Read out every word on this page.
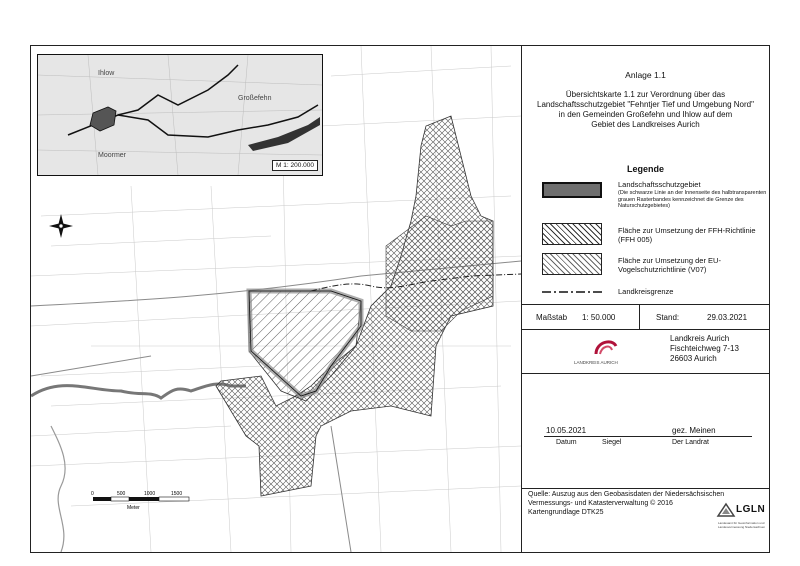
0	500	1000	1500
Meter
Ihlow
Großefehn
Moormer
M 1: 200.000
Anlage 1.1
Übersichtskarte 1.1 zur Verordnung über das
Landschaftsschutzgebiet "Fehntjer Tief und Umgebung Nord"
in den Gemeinden Großefehn und Ihlow auf dem
Gebiet des Landkreises Aurich
Legende
Landschaftsschutzgebiet
(Die schwarze Linie an der Innenseite des halbtransparenten grauen Rasterbandes kennzeichnet die Grenze des Naturschutzgebietes)
Fläche zur Umsetzung der FFH-Richtlinie (FFH 005)
Fläche zur Umsetzung der EU-Vogelschutzrichtlinie (V07)
Landkreisgrenze
Maßstab 1: 50.000	Stand:	29.03.2021
LANDKREIS AURICH
Landkreis Aurich
Fischteichweg 7-13
26603 Aurich
10.05.2021	gez. Meinen
Datum	Siegel	Der Landrat
Quelle: Auszug aus den Geobasisdaten der Niedersächsischen
Vermessungs- und Katasterverwaltung © 2016
Kartengrundlage DTK25	LGLN
Landesamt für Geoinformation und Landesvermessung Niedersachsen
